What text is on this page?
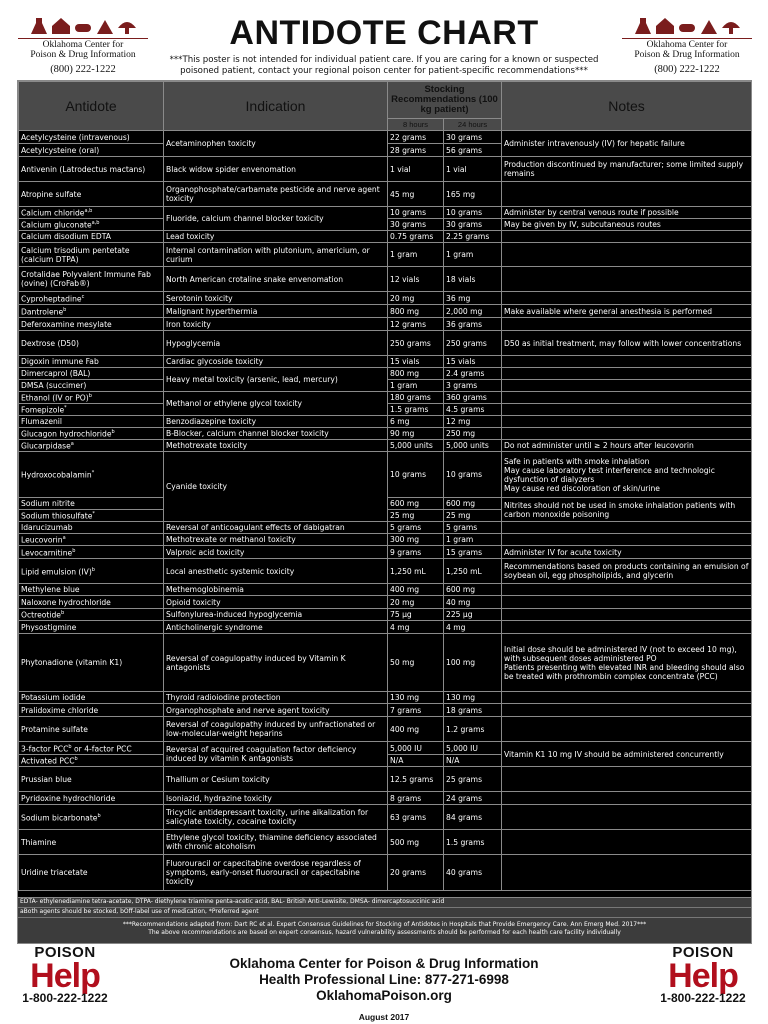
Oklahoma Center for
Poison & Drug Information
(800) 222-1222
Oklahoma Center for
Poison & Drug Information
(800) 222-1222
ANTIDOTE CHART
***This poster is not intended for individual patient care. If you are caring for a known or suspected
poisoned patient, contact your regional poison center for patient-specific recommendations***
Antidote	Indication	Stocking Recommendations (100 kg patient)		Notes
		8 hours	24 hours	
Acetylcysteine (intravenous)	Acetaminophen toxicity	22 grams	30 grams	Administer intravenously (IV) for hepatic failure
Acetylcysteine (oral)		28 grams	56 grams	
Antivenin (Latrodectus mactans)	Black widow spider envenomation	1 vial	1 vial	Production discontinued by manufacturer; some limited supply remains
Atropine sulfate	Organophosphate/carbamate pesticide and nerve agent toxicity	45 mg	165 mg	
Calcium chloride$^{a,b}$	Fluoride, calcium channel blocker toxicity	10 grams	10 grams	Administer by central venous route if possible
Calcium gluconate$^{a,b}$		30 grams	30 grams	May be given by IV, subcutaneous routes
Calcium disodium EDTA	Lead toxicity	0.75 grams	2.25 grams	
Calcium trisodium pentetate (calcium DTPA)	Internal contamination with plutonium, americium, or curium	1 gram	1 gram	
Crotalidae Polyvalent Immune Fab (ovine) (CroFab®)	North American crotaline snake envenomation	12 vials	18 vials	
Cyproheptadine$^c$	Serotonin toxicity	20 mg	36 mg	
Dantrolene$^b$	Malignant hyperthermia	800 mg	2,000 mg	Make available where general anesthesia is performed
Deferoxamine mesylate	Iron toxicity	12 grams	36 grams	
Dextrose (D50)	Hypoglycemia	250 grams	250 grams	D50 as initial treatment, may follow with lower concentrations
Digoxin immune Fab	Cardiac glycoside toxicity	15 vials	15 vials	
Dimercaprol (BAL)	Heavy metal toxicity (arsenic, lead, mercury)	800 mg	2.4 grams	
DMSA (succimer)		1 gram	3 grams	
Ethanol (IV or PO)$^b$	Methanol or ethylene glycol toxicity	180 grams	360 grams	
Fomepizole*		1.5 grams	4.5 grams	
Flumazenil	Benzodiazepine toxicity	6 mg	12 mg	
Glucagon hydrochloride$^b$	B-Blocker, calcium channel blocker toxicity	90 mg	250 mg	
Glucarpidase$^a$	Methotrexate toxicity	5,000 units	5,000 units	Do not administer until ≥ 2 hours after leucovorin
Hydroxocobalamin*	Cyanide toxicity	10 grams	10 grams	Safe in patients with smoke inhalation
May cause laboratory test interference and technologic dysfunction of dialyzers
May cause red discoloration of skin/urine
Sodium nitrite		600 mg	600 mg	Nitrites should not be used in smoke inhalation patients with carbon monoxide poisoning
Sodium thiosulfate*		25 mg	25 mg	
Idarucizumab	Reversal of anticoagulant effects of dabigatran	5 grams	5 grams	
Leucovorin$^a$	Methotrexate or methanol toxicity	300 mg	1 gram	
Levocarnitine$^b$	Valproic acid toxicity	9 grams	15 grams	Administer IV for acute toxicity
Lipid emulsion (IV)$^b$	Local anesthetic systemic toxicity	1,250 mL	1,250 mL	Recommendations based on products containing an emulsion of soybean oil, egg phospholipids, and glycerin
Methylene blue	Methemoglobinemia	400 mg	600 mg	
Naloxone hydrochloride	Opioid toxicity	20 mg	40 mg	
Octreotide$^b$	Sulfonylurea-induced hypoglycemia	75 µg	225 µg	
Physostigmine	Anticholinergic syndrome	4 mg	4 mg	
Phytonadione (vitamin K1)	Reversal of coagulopathy induced by Vitamin K antagonists	50 mg	100 mg	Initial dose should be administered IV (not to exceed 10 mg), with subsequent doses administered PO
Patients presenting with elevated INR and bleeding should also be treated with prothrombin complex concentrate (PCC)
Potassium iodide	Thyroid radioiodine protection	130 mg	130 mg	
Pralidoxime chloride	Organophosphate and nerve agent toxicity	7 grams	18 grams	
Protamine sulfate	Reversal of coagulopathy induced by unfractionated or low-molecular-weight heparins	400 mg	1.2 grams	
3-factor PCC$^b$ or 4-factor PCC	Reversal of acquired coagulation factor deficiency induced by vitamin K antagonists	5,000 IU	5,000 IU	Vitamin K1 10 mg IV should be administered concurrently
Activated PCC$^b$		N/A	N/A	
Prussian blue	Thallium or Cesium toxicity	12.5 grams	25 grams	
Pyridoxine hydrochloride	Isoniazid, hydrazine toxicity	8 grams	24 grams	
Sodium bicarbonate$^b$	Tricyclic antidepressant toxicity, urine alkalization for salicylate toxicity, cocaine toxicity	63 grams	84 grams	
Thiamine	Ethylene glycol toxicity, thiamine deficiency associated with chronic alcoholism	500 mg	1.5 grams	
Uridine triacetate	Fluorouracil or capecitabine overdose regardless of symptoms, early-onset fluorouracil or capecitabine toxicity	20 grams	40 grams	
EDTA- ethylenediamine tetra-acetate, DTPA- diethylene triamine penta-acetic acid, BAL- British Anti-Lewisite, DMSA- dimercaptosuccinic acid
aBoth agents should be stocked, bOff-label use of medication, *Preferred agent
***Recommendations adapted from: Dart RC et al. Expert Consensus Guidelines for Stocking of Antidotes in Hospitals that Provide Emergency Care. Ann Emerg Med. 2017***
The above recommendations are based on expert consensus, hazard vulnerability assessments should be performed for each health care facility individually
POISON
Help
1-800-222-1222
Oklahoma Center for Poison & Drug Information
Health Professional Line: 877-271-6998
OklahomaPoison.org
POISON
Help
1-800-222-1222
August 2017
